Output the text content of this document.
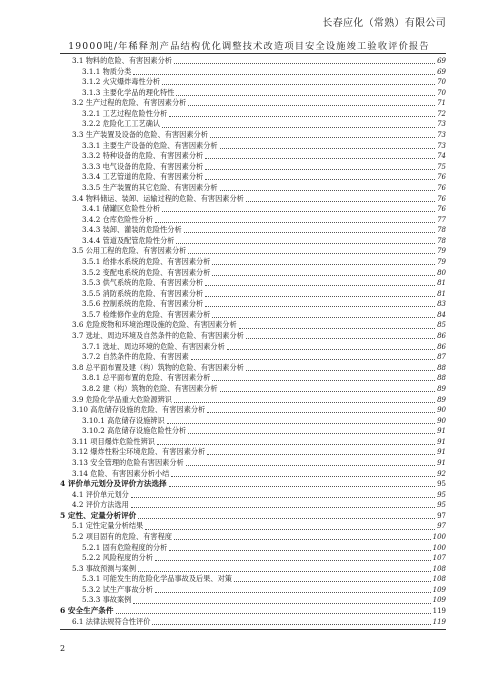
长春应化（常熟）有限公司
19000吨/年稀释剂产品结构优化调整技术改造项目安全设施竣工验收评价报告
3.1 物料的危险、有害因素分析	69
3.1.1 物质分类	69
3.1.2 火灾爆炸毒性分析	70
3.1.3 主要化学品的理化特性	70
3.2 生产过程的危险、有害因素分析	71
3.2.1 工艺过程危险性分析	72
3.2.2 危险化工工艺确认	73
3.3 生产装置及设备的危险、有害因素分析	73
3.3.1 主要生产设备的危险、有害因素分析	73
3.3.2 特种设备的危险、有害因素分析	74
3.3.3 电气设备的危险、有害因素分析	75
3.3.4 工艺管道的危险、有害因素分析	76
3.3.5 生产装置的其它危险、有害因素分析	76
3.4 物料储运、装卸、运输过程的危险、有害因素分析	76
3.4.1 储罐区危险性分析	76
3.4.2 仓库危险性分析	77
3.4.3 装卸、灌装的危险性分析	78
3.4.4 管道及配管危险性分析	78
3.5 公用工程的危险、有害因素分析	79
3.5.1 给排水系统的危险、有害因素分析	79
3.5.2 变配电系统的危险、有害因素分析	80
3.5.3 供气系统的危险、有害因素分析	81
3.5.5 消防系统的危险、有害因素分析	81
3.5.6 控制系统的危险、有害因素分析	83
3.5.7 检维修作业的危险、有害因素分析	84
3.6 危险废物和环境治理设施的危险、有害因素分析	85
3.7 选址、周边环境及自然条件的危险、有害因素分析	86
3.7.1 选址、周边环境的危险、有害因素分析	86
3.7.2 自然条件的危险、有害因素	87
3.8 总平面布置及建（构）筑物的危险、有害因素分析	88
3.8.1 总平面布置的危险、有害因素分析	88
3.8.2 建（构）筑物的危险、有害因素分析	89
3.9 危险化学品重大危险源辨识	89
3.10 高危储存设施的危险、有害因素分析	90
3.10.1 高危储存设施辨识	90
3.10.2 高危储存设施危险性分析	91
3.11 项目爆炸危险性辨识	91
3.12 爆炸性粉尘环境危险、有害因素分析	91
3.13 安全管理的危险有害因素分析	91
3.14 危险、有害因素分析小结	92
4 评价单元划分及评价方法选择	95
4.1 评价单元划分	95
4.2 评价方法选用	95
5 定性、定量分析评价	97
5.1 定性定量分析结果	97
5.2 项目固有的危险、有害程度	100
5.2.1 固有危险程度的分析	100
5.2.2 风险程度的分析	107
5.3 事故预测与案例	108
5.3.1 可能发生的危险化学品事故及后果、对策	108
5.3.2 试生产事故分析	109
5.3.3 事故案例	109
6 安全生产条件	119
6.1 法律法规符合性评价	119
2
